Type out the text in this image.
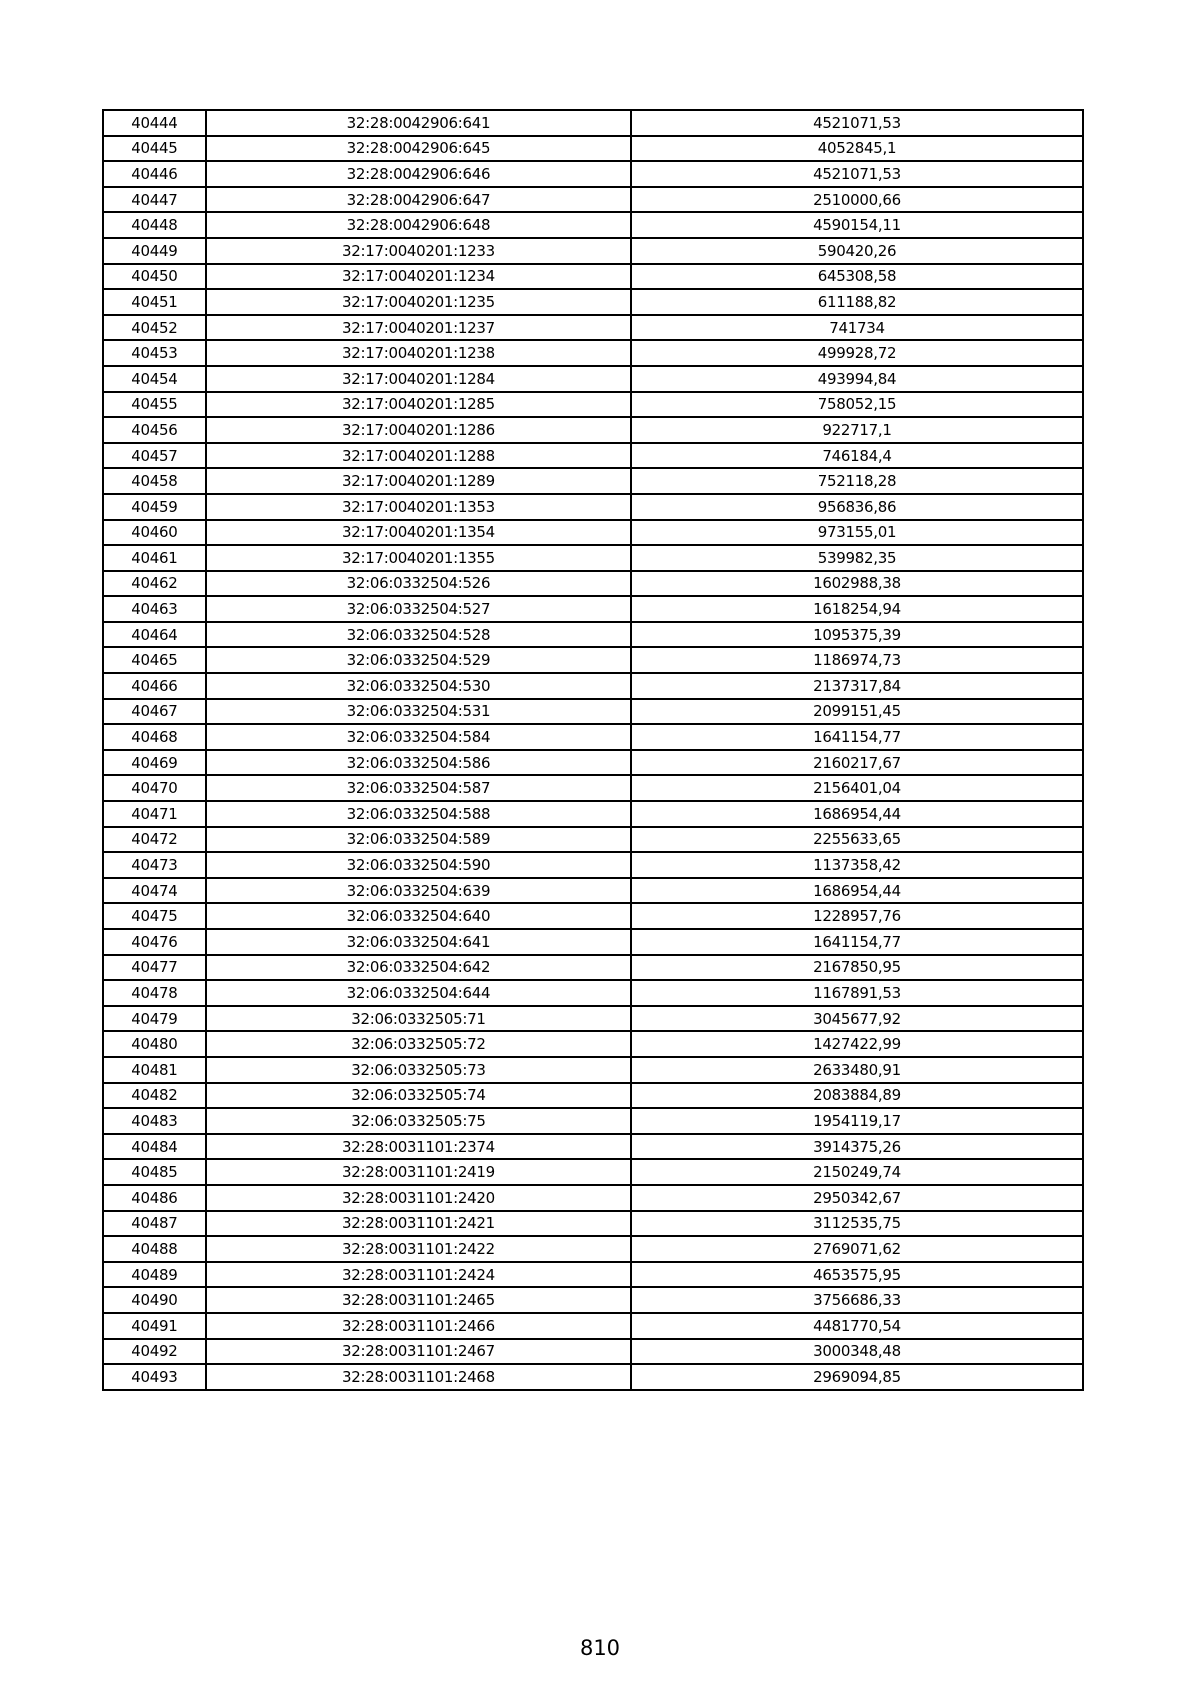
40444	32:28:0042906:641	4521071,53
40445	32:28:0042906:645	4052845,1
40446	32:28:0042906:646	4521071,53
40447	32:28:0042906:647	2510000,66
40448	32:28:0042906:648	4590154,11
40449	32:17:0040201:1233	590420,26
40450	32:17:0040201:1234	645308,58
40451	32:17:0040201:1235	611188,82
40452	32:17:0040201:1237	741734
40453	32:17:0040201:1238	499928,72
40454	32:17:0040201:1284	493994,84
40455	32:17:0040201:1285	758052,15
40456	32:17:0040201:1286	922717,1
40457	32:17:0040201:1288	746184,4
40458	32:17:0040201:1289	752118,28
40459	32:17:0040201:1353	956836,86
40460	32:17:0040201:1354	973155,01
40461	32:17:0040201:1355	539982,35
40462	32:06:0332504:526	1602988,38
40463	32:06:0332504:527	1618254,94
40464	32:06:0332504:528	1095375,39
40465	32:06:0332504:529	1186974,73
40466	32:06:0332504:530	2137317,84
40467	32:06:0332504:531	2099151,45
40468	32:06:0332504:584	1641154,77
40469	32:06:0332504:586	2160217,67
40470	32:06:0332504:587	2156401,04
40471	32:06:0332504:588	1686954,44
40472	32:06:0332504:589	2255633,65
40473	32:06:0332504:590	1137358,42
40474	32:06:0332504:639	1686954,44
40475	32:06:0332504:640	1228957,76
40476	32:06:0332504:641	1641154,77
40477	32:06:0332504:642	2167850,95
40478	32:06:0332504:644	1167891,53
40479	32:06:0332505:71	3045677,92
40480	32:06:0332505:72	1427422,99
40481	32:06:0332505:73	2633480,91
40482	32:06:0332505:74	2083884,89
40483	32:06:0332505:75	1954119,17
40484	32:28:0031101:2374	3914375,26
40485	32:28:0031101:2419	2150249,74
40486	32:28:0031101:2420	2950342,67
40487	32:28:0031101:2421	3112535,75
40488	32:28:0031101:2422	2769071,62
40489	32:28:0031101:2424	4653575,95
40490	32:28:0031101:2465	3756686,33
40491	32:28:0031101:2466	4481770,54
40492	32:28:0031101:2467	3000348,48
40493	32:28:0031101:2468	2969094,85
810
